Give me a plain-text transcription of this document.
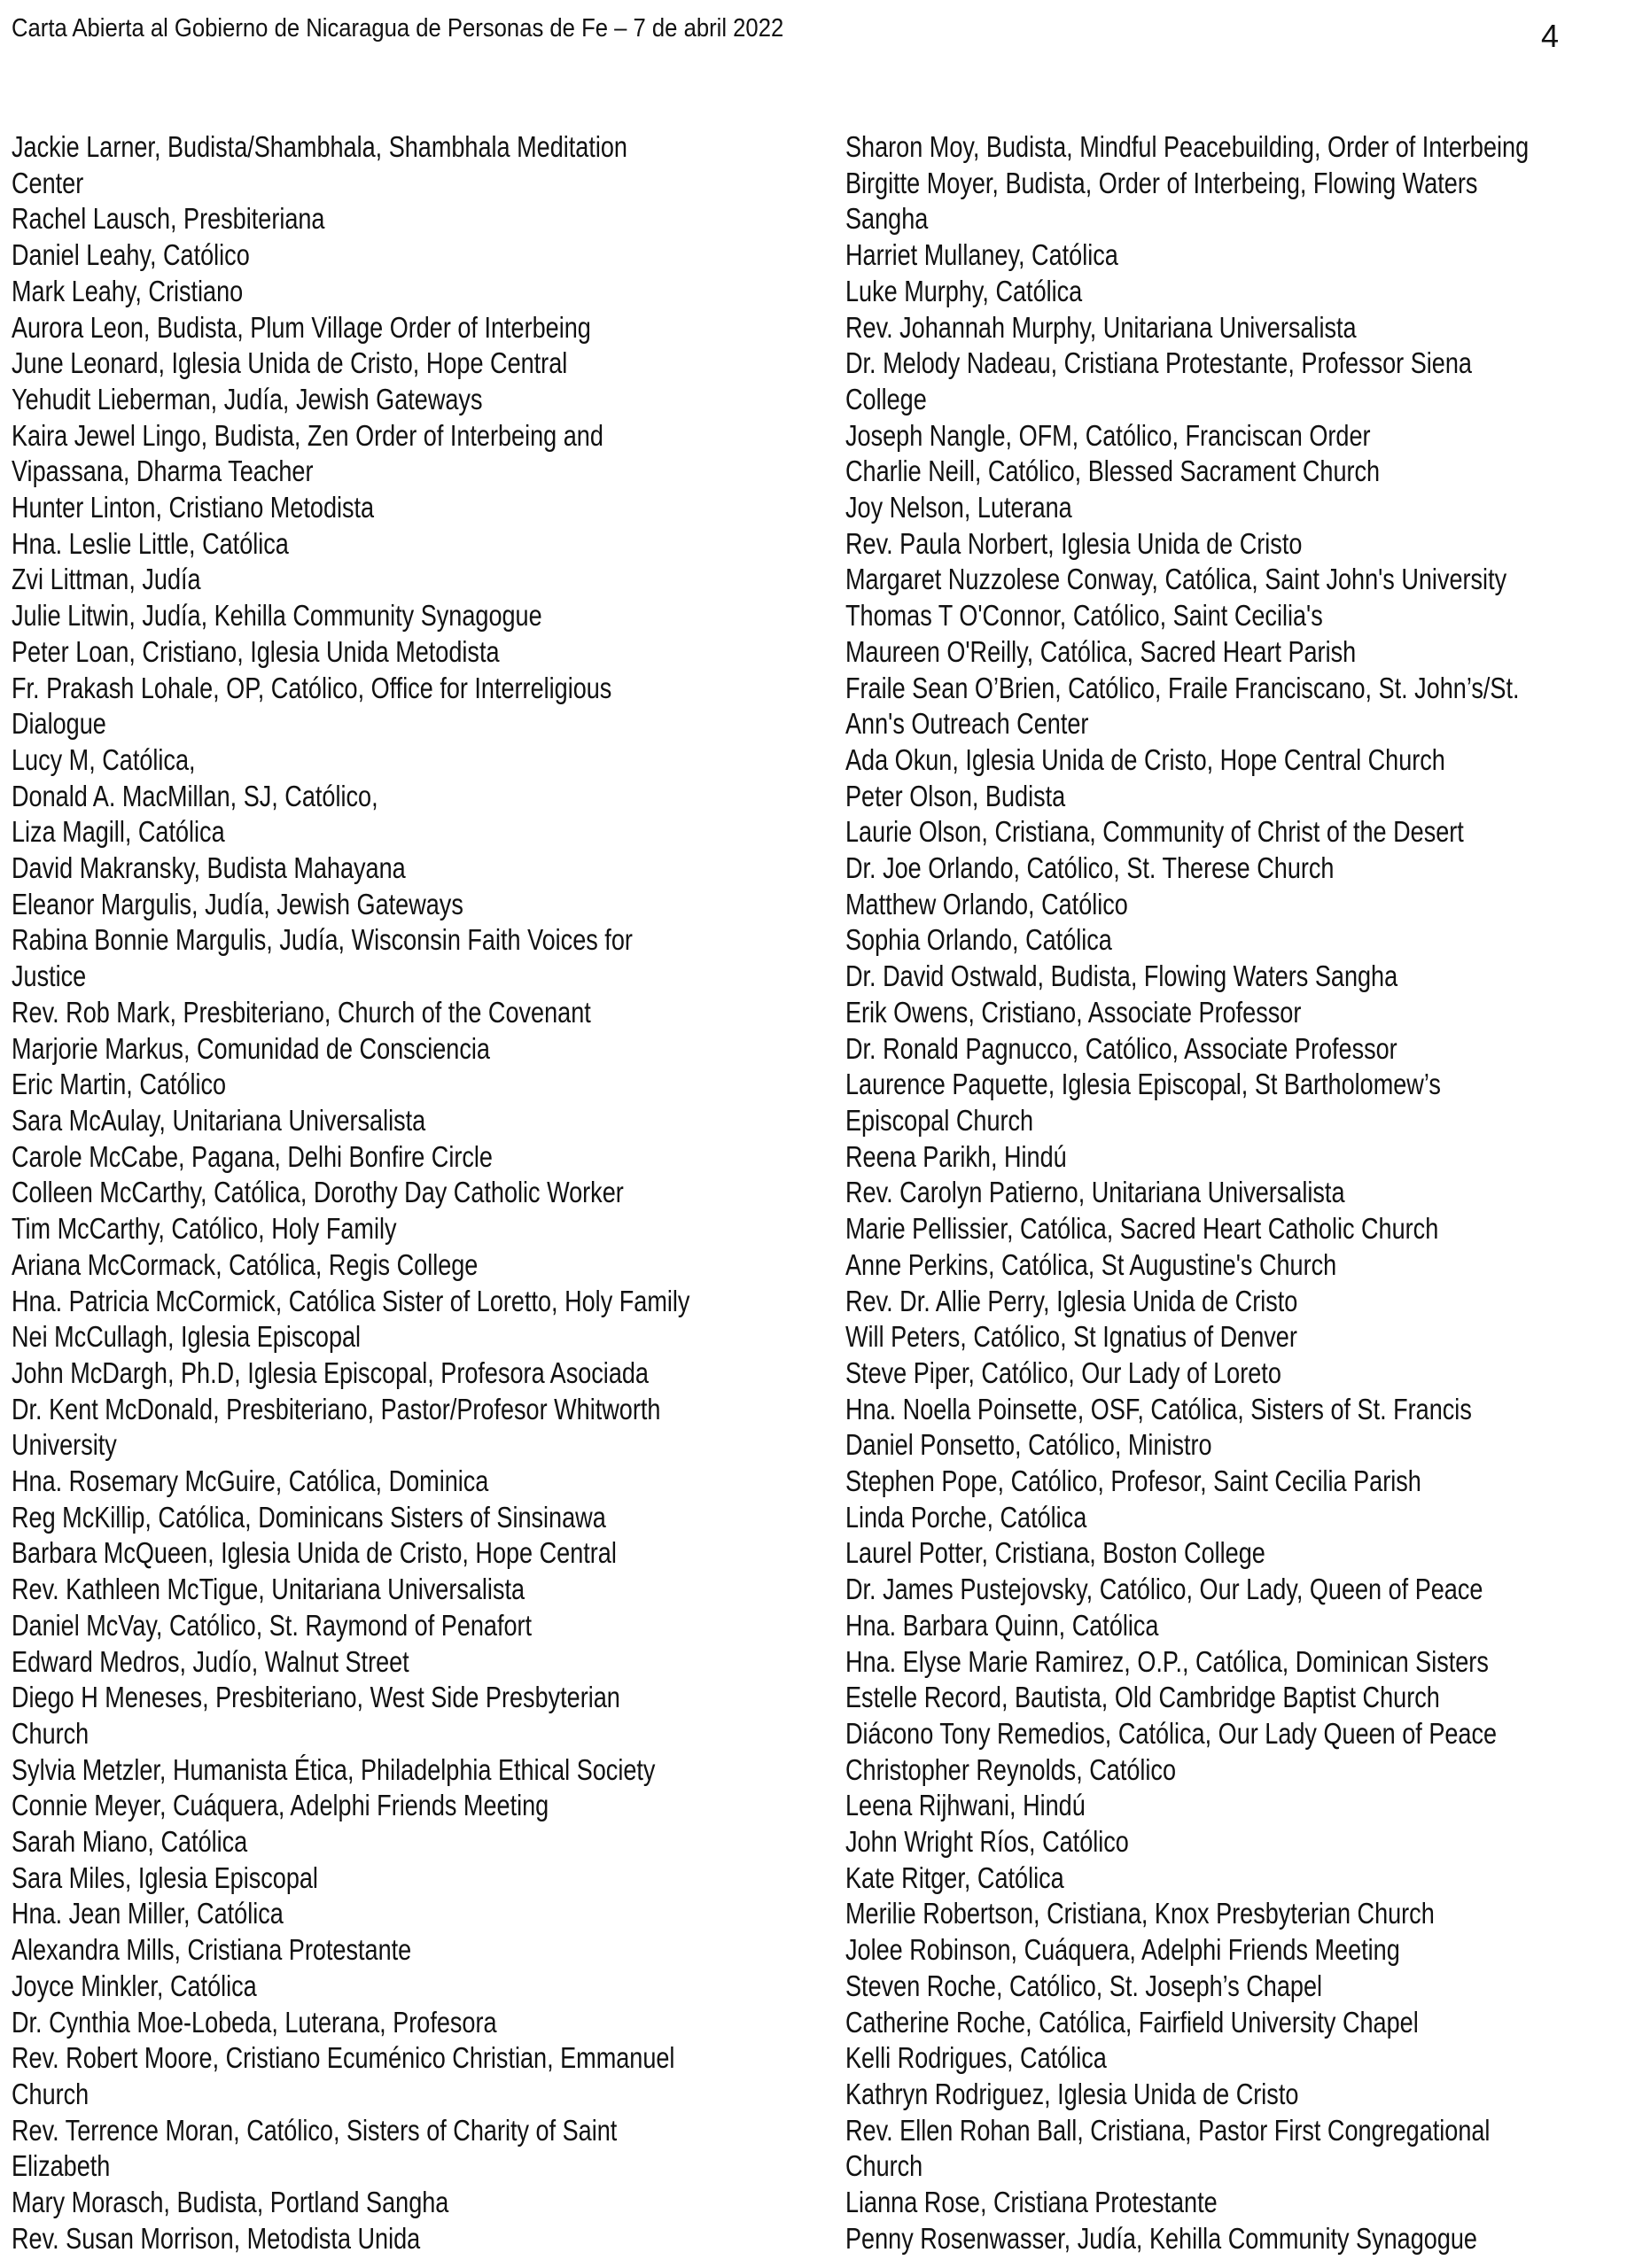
Carta Abierta al Gobierno de Nicaragua de Personas de Fe – 7 de abril 2022	4
Jackie Larner, Budista/Shambhala, Shambhala Meditation
Center
Rachel Lausch, Presbiteriana
Daniel Leahy, Católico
Mark Leahy, Cristiano
Aurora Leon, Budista, Plum Village Order of Interbeing
June Leonard, Iglesia Unida de Cristo, Hope Central
Yehudit Lieberman, Judía, Jewish Gateways
Kaira Jewel Lingo, Budista, Zen Order of Interbeing and
Vipassana, Dharma Teacher
Hunter Linton, Cristiano Metodista
Hna. Leslie Little, Católica
Zvi Littman, Judía
Julie Litwin, Judía, Kehilla Community Synagogue
Peter Loan, Cristiano, Iglesia Unida Metodista
Fr. Prakash Lohale, OP, Católico, Office for Interreligious
Dialogue
Lucy M, Católica,
Donald A. MacMillan, SJ, Católico,
Liza Magill, Católica
David Makransky, Budista Mahayana
Eleanor Margulis, Judía, Jewish Gateways
Rabina Bonnie Margulis, Judía, Wisconsin Faith Voices for
Justice
Rev. Rob Mark, Presbiteriano, Church of the Covenant
Marjorie Markus, Comunidad de Consciencia
Eric Martin, Católico
Sara McAulay, Unitariana Universalista
Carole McCabe, Pagana, Delhi Bonfire Circle
Colleen McCarthy, Católica, Dorothy Day Catholic Worker
Tim McCarthy, Católico, Holy Family
Ariana McCormack, Católica, Regis College
Hna. Patricia McCormick, Católica Sister of Loretto, Holy Family
Nei McCullagh, Iglesia Episcopal
John McDargh, Ph.D, Iglesia Episcopal, Profesora Asociada
Dr. Kent McDonald, Presbiteriano, Pastor/Profesor Whitworth
University
Hna. Rosemary McGuire, Católica, Dominica
Reg McKillip, Católica, Dominicans Sisters of Sinsinawa
Barbara McQueen, Iglesia Unida de Cristo, Hope Central
Rev. Kathleen McTigue, Unitariana Universalista
Daniel McVay, Católico, St. Raymond of Penafort
Edward Medros, Judío, Walnut Street
Diego H Meneses, Presbiteriano, West Side Presbyterian
Church
Sylvia Metzler, Humanista Ética, Philadelphia Ethical Society
Connie Meyer, Cuáquera, Adelphi Friends Meeting
Sarah Miano, Católica
Sara Miles, Iglesia Episcopal
Hna. Jean Miller, Católica
Alexandra Mills, Cristiana Protestante
Joyce Minkler, Católica
Dr. Cynthia Moe-Lobeda, Luterana, Profesora
Rev. Robert Moore, Cristiano Ecuménico Christian, Emmanuel
Church
Rev. Terrence Moran, Católico, Sisters of Charity of Saint
Elizabeth
Mary Morasch, Budista, Portland Sangha
Rev. Susan Morrison, Metodista Unida
Sharon Moy, Budista, Mindful Peacebuilding, Order of Interbeing
Birgitte Moyer, Budista, Order of Interbeing, Flowing Waters
Sangha
Harriet Mullaney, Católica
Luke Murphy, Católica
Rev. Johannah Murphy, Unitariana Universalista
Dr. Melody Nadeau, Cristiana Protestante, Professor Siena
College
Joseph Nangle, OFM, Católico, Franciscan Order
Charlie Neill, Católico, Blessed Sacrament Church
Joy Nelson, Luterana
Rev. Paula Norbert, Iglesia Unida de Cristo
Margaret Nuzzolese Conway, Católica, Saint John's University
Thomas T O'Connor, Católico, Saint Cecilia's
Maureen O'Reilly, Católica, Sacred Heart Parish
Fraile Sean O’Brien, Católico, Fraile Franciscano, St. John’s/St.
Ann's Outreach Center
Ada Okun, Iglesia Unida de Cristo, Hope Central Church
Peter Olson, Budista
Laurie Olson, Cristiana, Community of Christ of the Desert
Dr. Joe Orlando, Católico, St. Therese Church
Matthew Orlando, Católico
Sophia Orlando, Católica
Dr. David Ostwald, Budista, Flowing Waters Sangha
Erik Owens, Cristiano, Associate Professor
Dr. Ronald Pagnucco, Católico, Associate Professor
Laurence Paquette, Iglesia Episcopal, St Bartholomew’s
Episcopal Church
Reena Parikh, Hindú
Rev. Carolyn Patierno, Unitariana Universalista
Marie Pellissier, Católica, Sacred Heart Catholic Church
Anne Perkins, Católica, St Augustine's Church
Rev. Dr. Allie Perry, Iglesia Unida de Cristo
Will Peters, Católico, St Ignatius of Denver
Steve Piper, Católico, Our Lady of Loreto
Hna. Noella Poinsette, OSF, Católica, Sisters of St. Francis
Daniel Ponsetto, Católico, Ministro
Stephen Pope, Católico, Profesor, Saint Cecilia Parish
Linda Porche, Católica
Laurel Potter, Cristiana, Boston College
Dr. James Pustejovsky, Católico, Our Lady, Queen of Peace
Hna. Barbara Quinn, Católica
Hna. Elyse Marie Ramirez, O.P., Católica, Dominican Sisters
Estelle Record, Bautista, Old Cambridge Baptist Church
Diácono Tony Remedios, Católica, Our Lady Queen of Peace
Christopher Reynolds, Católico
Leena Rijhwani, Hindú
John Wright Ríos, Católico
Kate Ritger, Católica
Merilie Robertson, Cristiana, Knox Presbyterian Church
Jolee Robinson, Cuáquera, Adelphi Friends Meeting
Steven Roche, Católico, St. Joseph’s Chapel
Catherine Roche, Católica, Fairfield University Chapel
Kelli Rodrigues, Católica
Kathryn Rodriguez, Iglesia Unida de Cristo
Rev. Ellen Rohan Ball, Cristiana, Pastor First Congregational
Church
Lianna Rose, Cristiana Protestante
Penny Rosenwasser, Judía, Kehilla Community Synagogue
